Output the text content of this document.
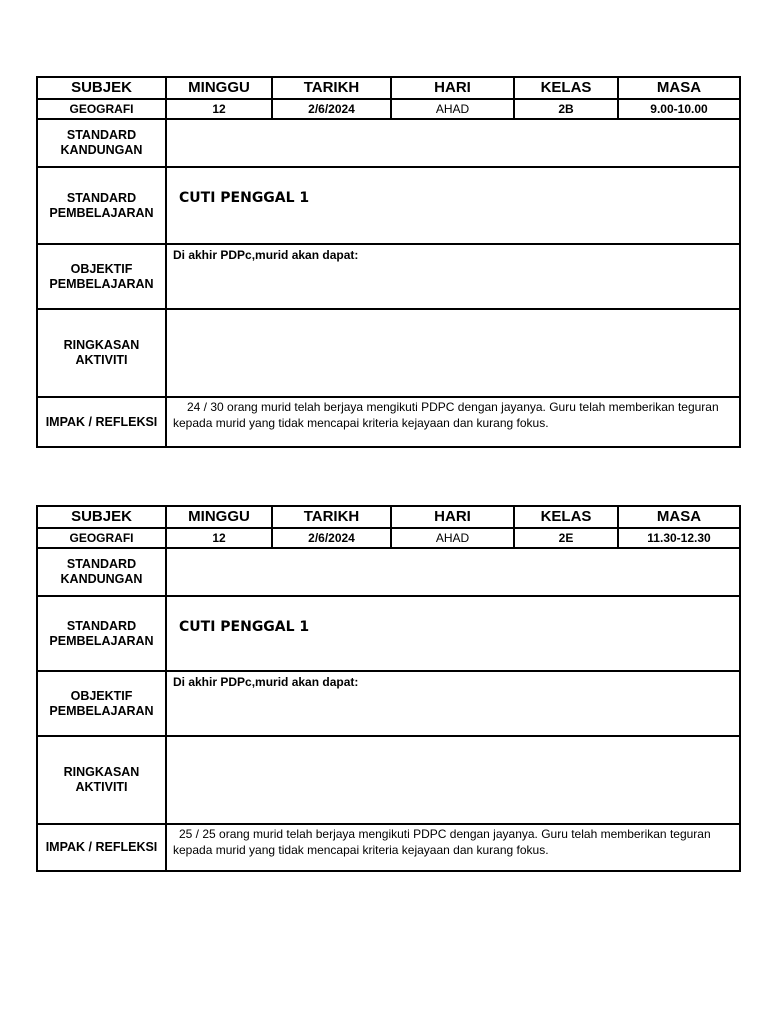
SUBJEK	MINGGU	TARIKH	HARI	KELAS	MASA
GEOGRAFI	12	2/6/2024	AHAD	2B	9.00-10.00
STANDARD KANDUNGAN					
STANDARD PEMBELAJARAN	CUTI PENGGAL 1				

OBJEKTIF PEMBELAJARAN	Di akhir PDPc,murid akan dapat:				

RINGKASAN AKTIVITI					
IMPAK / REFLEKSI	24 / 30 orang murid telah berjaya mengikuti PDPC dengan jayanya. Guru telah memberikan teguran kepada murid yang tidak mencapai kriteria kejayaan dan kurang fokus.				
SUBJEK	MINGGU	TARIKH	HARI	KELAS	MASA
GEOGRAFI	12	2/6/2024	AHAD	2E	11.30-12.30
STANDARD KANDUNGAN					
STANDARD PEMBELAJARAN	CUTI PENGGAL 1				

OBJEKTIF PEMBELAJARAN	Di akhir PDPc,murid akan dapat:				

RINGKASAN AKTIVITI					
IMPAK / REFLEKSI	25 / 25 orang murid telah berjaya mengikuti PDPC dengan jayanya. Guru telah memberikan teguran kepada murid yang tidak mencapai kriteria kejayaan dan kurang fokus.				
